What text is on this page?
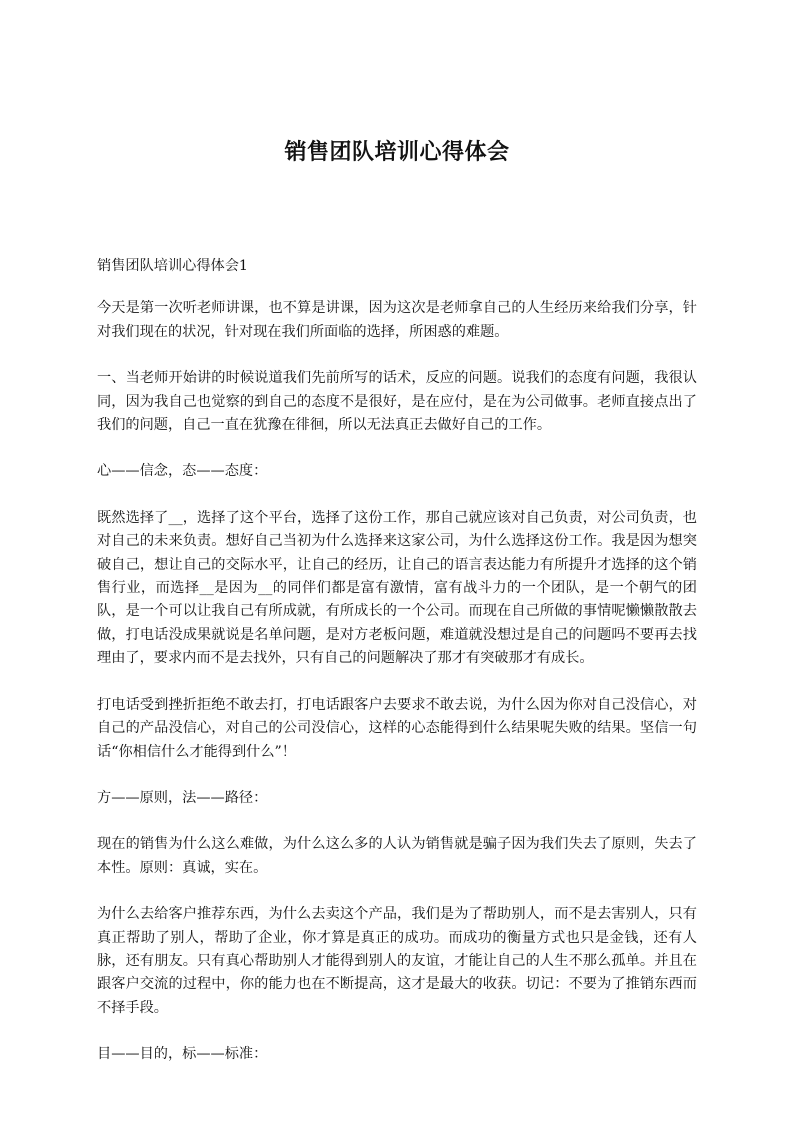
销售团队培训心得体会

销售团队培训心得体会1

今天是第一次听老师讲课，也不算是讲课，因为这次是老师拿自己的人生经历来给我们分享，针对我们现在的状况，针对现在我们所面临的选择，所困惑的难题。

一、当老师开始讲的时候说道我们先前所写的话术，反应的问题。说我们的态度有问题，我很认同，因为我自己也觉察的到自己的态度不是很好，是在应付，是在为公司做事。老师直接点出了我们的问题，自己一直在犹豫在徘徊，所以无法真正去做好自己的工作。

心——信念，态——态度：

既然选择了__，选择了这个平台，选择了这份工作，那自己就应该对自己负责，对公司负责，也对自己的未来负责。想好自己当初为什么选择来这家公司，为什么选择这份工作。我是因为想突破自己，想让自己的交际水平，让自己的经历，让自己的语言表达能力有所提升才选择的这个销售行业，而选择__是因为__的同伴们都是富有激情，富有战斗力的一个团队，是一个朝气的团队，是一个可以让我自己有所成就，有所成长的一个公司。而现在自己所做的事情呢懒懒散散去做，打电话没成果就说是名单问题，是对方老板问题，难道就没想过是自己的问题吗不要再去找理由了，要求内而不是去找外，只有自己的问题解决了那才有突破那才有成长。

打电话受到挫折拒绝不敢去打，打电话跟客户去要求不敢去说，为什么因为你对自己没信心，对自己的产品没信心，对自己的公司没信心，这样的心态能得到什么结果呢失败的结果。坚信一句话“你相信什么才能得到什么”！

方——原则，法——路径：

现在的销售为什么这么难做，为什么这么多的人认为销售就是骗子因为我们失去了原则，失去了本性。原则：真诚，实在。

为什么去给客户推荐东西，为什么去卖这个产品，我们是为了帮助别人，而不是去害别人，只有真正帮助了别人，帮助了企业，你才算是真正的成功。而成功的衡量方式也只是金钱，还有人脉，还有朋友。只有真心帮助别人才能得到别人的友谊，才能让自己的人生不那么孤单。并且在跟客户交流的过程中，你的能力也在不断提高，这才是最大的收获。切记：不要为了推销东西而不择手段。

目——目的，标——标准：
